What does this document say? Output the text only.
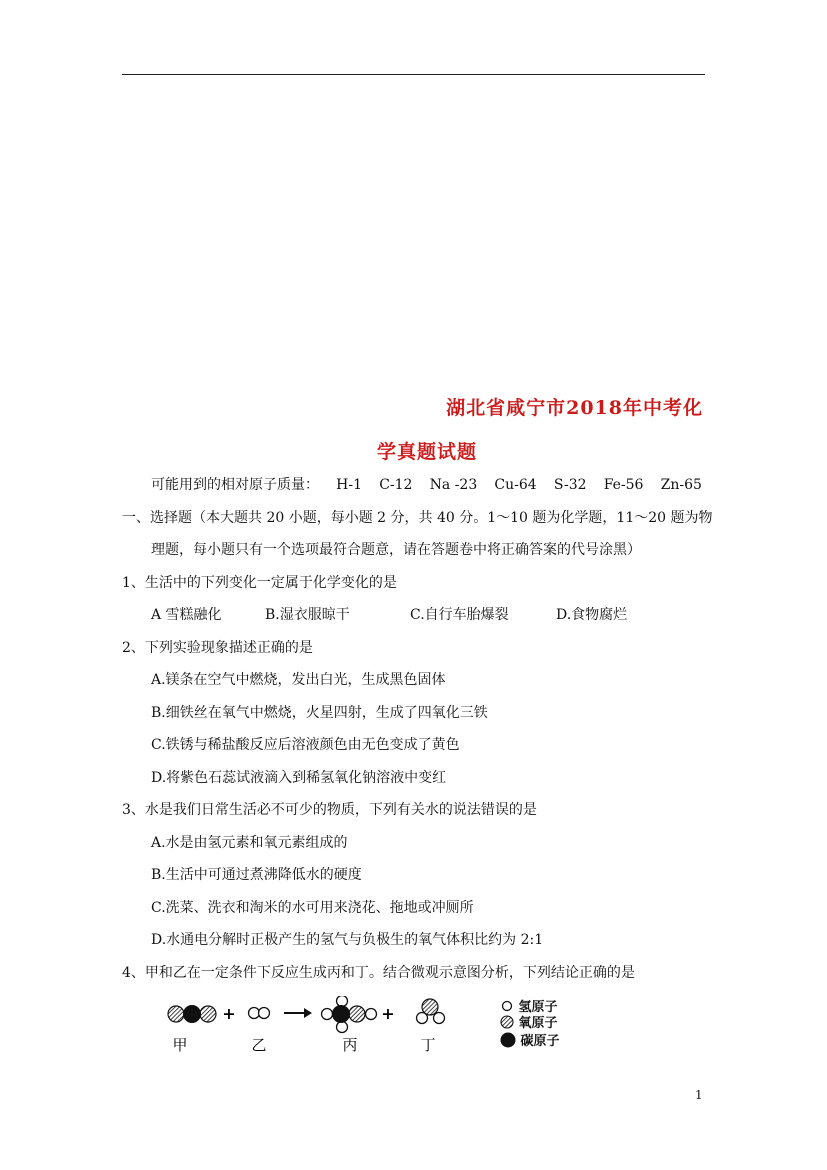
湖北省咸宁市2018年中考化
学真题试题
可能用到的相对原子质量： H-1 C-12 Na -23 Cu-64 S-32 Fe-56 Zn-65
一、选择题（本大题共 20 小题，每小题 2 分，共 40 分。1～10 题为化学题，11～20 题为物
理题，每小题只有一个选项最符合题意，请在答题卷中将正确答案的代号涂黑）
1、生活中的下列变化一定属于化学变化的是
A 雪糕融化	B.湿衣服晾干	C.自行车胎爆裂	D.食物腐烂
2、下列实验现象描述正确的是
A.镁条在空气中燃烧，发出白光，生成黑色固体
B.细铁丝在氧气中燃烧，火星四射，生成了四氧化三铁
C.铁锈与稀盐酸反应后溶液颜色由无色变成了黄色
D.将紫色石蕊试液滴入到稀氢氧化钠溶液中变红
3、水是我们日常生活必不可少的物质，下列有关水的说法错误的是
A.水是由氢元素和氧元素组成的
B.生活中可通过煮沸降低水的硬度
C.洗菜、洗衣和淘米的水可用来浇花、拖地或冲厕所
D.水通电分解时正极产生的氢气与负极生的氧气体积比约为 2:1
4、甲和乙在一定条件下反应生成丙和丁。结合微观示意图分析，下列结论正确的是
+	+
甲	乙	丙	丁
氢原子
氧原子
碳原子
1
